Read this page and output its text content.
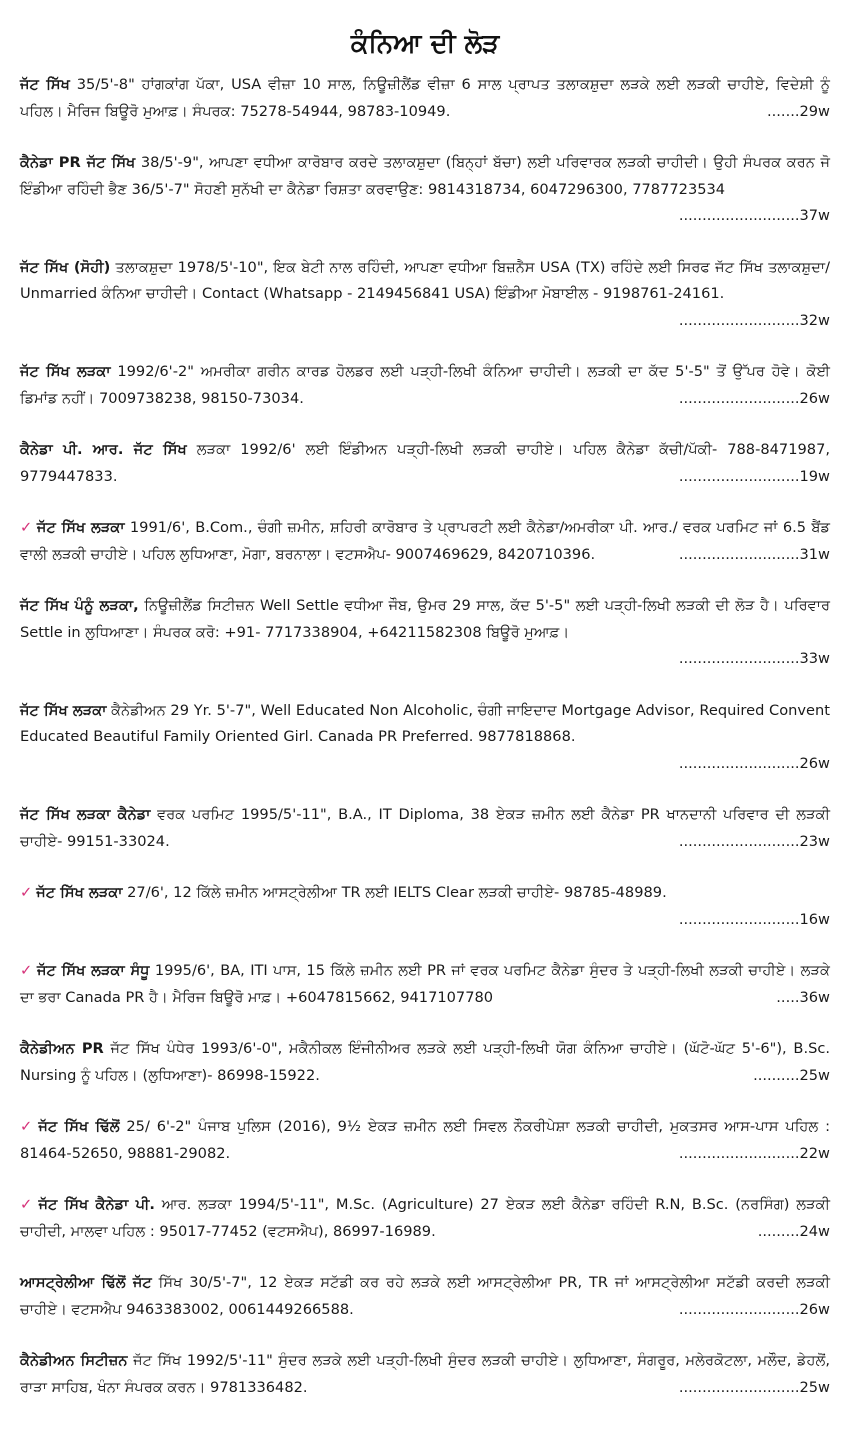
ਕੰਨਿਆ ਦੀ ਲੋੜ
ਜੱਟ ਸਿੱਖ 35/5'-8" ਹਾਂਗਕਾਂਗ ਪੱਕਾ, USA ਵੀਜ਼ਾ 10 ਸਾਲ, ਨਿਊਜ਼ੀਲੈਂਡ ਵੀਜ਼ਾ 6 ਸਾਲ ਪ੍ਰਾਪਤ ਤਲਾਕਸ਼ੁਦਾ ਲੜਕੇ ਲਈ ਲੜਕੀ ਚਾਹੀਏ, ਵਿਦੇਸ਼ੀ ਨੂੰ ਪਹਿਲ। ਮੈਰਿਜ ਬਿਊਰੋ ਮੁਆਫ਼। ਸੰਪਰਕ: 75278-54944, 98783-10949.	.......29w
ਕੈਨੇਡਾ PR ਜੱਟ ਸਿੱਖ 38/5'-9", ਆਪਣਾ ਵਧੀਆ ਕਾਰੋਬਾਰ ਕਰਦੇ ਤਲਾਕਸ਼ੁਦਾ (ਬਿਨ੍ਹਾਂ ਬੱਚਾ) ਲਈ ਪਰਿਵਾਰਕ ਲੜਕੀ ਚਾਹੀਦੀ। ਉਹੀ ਸੰਪਰਕ ਕਰਨ ਜੋ ਇੰਡੀਆ ਰਹਿੰਦੀ ਭੈਣ 36/5'-7" ਸੋਹਣੀ ਸੁਨੱਖੀ ਦਾ ਕੈਨੇਡਾ ਰਿਸ਼ਤਾ ਕਰਵਾਉਣ: 9814318734, 6047296300, 7787723534
..........................37w
ਜੱਟ ਸਿੱਖ (ਸੋਹੀ) ਤਲਾਕਸ਼ੁਦਾ 1978/5'-10", ਇਕ ਬੇਟੀ ਨਾਲ ਰਹਿੰਦੀ, ਆਪਣਾ ਵਧੀਆ ਬਿਜ਼ਨੈਸ USA (TX) ਰਹਿੰਦੇ ਲਈ ਸਿਰਫ ਜੱਟ ਸਿੱਖ ਤਲਾਕਸ਼ੁਦਾ/ Unmarried ਕੰਨਿਆ ਚਾਹੀਦੀ। Contact (Whatsapp - 2149456841 USA) ਇੰਡੀਆ ਮੋਬਾਈਲ - 9198761-24161.
..........................32w
ਜੱਟ ਸਿੱਖ ਲੜਕਾ 1992/6'-2" ਅਮਰੀਕਾ ਗਰੀਨ ਕਾਰਡ ਹੋਲਡਰ ਲਈ ਪੜ੍ਹੀ-ਲਿਖੀ ਕੰਨਿਆ ਚਾਹੀਦੀ। ਲੜਕੀ ਦਾ ਕੱਦ 5'-5" ਤੋਂ ਉੱਪਰ ਹੋਵੇ। ਕੋਈ ਡਿਮਾਂਡ ਨਹੀਂ। 7009738238, 98150-73034.	..........................26w
ਕੈਨੇਡਾ ਪੀ. ਆਰ. ਜੱਟ ਸਿੱਖ ਲੜਕਾ 1992/6' ਲਈ ਇੰਡੀਅਨ ਪੜ੍ਹੀ-ਲਿਖੀ ਲੜਕੀ ਚਾਹੀਏ। ਪਹਿਲ ਕੈਨੇਡਾ ਕੱਚੀ/ਪੱਕੀ- 788-8471987, 9779447833.	..........................19w
✓ ਜੱਟ ਸਿੱਖ ਲੜਕਾ 1991/6', B.Com., ਚੰਗੀ ਜ਼ਮੀਨ, ਸ਼ਹਿਰੀ ਕਾਰੋਬਾਰ ਤੇ ਪ੍ਰਾਪਰਟੀ ਲਈ ਕੈਨੇਡਾ/ਅਮਰੀਕਾ ਪੀ. ਆਰ./ ਵਰਕ ਪਰਮਿਟ ਜਾਂ 6.5 ਬੈਂਡ ਵਾਲੀ ਲੜਕੀ ਚਾਹੀਏ। ਪਹਿਲ ਲੁਧਿਆਣਾ, ਮੋਗਾ, ਬਰਨਾਲਾ। ਵਟਸਐਪ- 9007469629, 8420710396.	..........................31w
ਜੱਟ ਸਿੱਖ ਪੰਨੂੰ ਲੜਕਾ, ਨਿਊਜ਼ੀਲੈਂਡ ਸਿਟੀਜ਼ਨ Well Settle ਵਧੀਆ ਜੌਬ, ਉਮਰ 29 ਸਾਲ, ਕੱਦ 5'-5" ਲਈ ਪੜ੍ਹੀ-ਲਿਖੀ ਲੜਕੀ ਦੀ ਲੋੜ ਹੈ। ਪਰਿਵਾਰ Settle in ਲੁਧਿਆਣਾ। ਸੰਪਰਕ ਕਰੋ: +91- 7717338904, +64211582308 ਬਿਊਰੋ ਮੁਆਫ਼।
..........................33w
ਜੱਟ ਸਿੱਖ ਲੜਕਾ ਕੈਨੇਡੀਅਨ 29 Yr. 5'-7", Well Educated Non Alcoholic, ਚੰਗੀ ਜਾਇਦਾਦ Mortgage Advisor, Required Convent Educated Beautiful Family Oriented Girl. Canada PR Preferred. 9877818868.
..........................26w
ਜੱਟ ਸਿੱਖ ਲੜਕਾ ਕੈਨੇਡਾ ਵਰਕ ਪਰਮਿਟ 1995/5'-11", B.A., IT Diploma, 38 ਏਕੜ ਜ਼ਮੀਨ ਲਈ ਕੈਨੇਡਾ PR ਖਾਨਦਾਨੀ ਪਰਿਵਾਰ ਦੀ ਲੜਕੀ ਚਾਹੀਏ- 99151-33024.	..........................23w
✓ ਜੱਟ ਸਿੱਖ ਲੜਕਾ 27/6', 12 ਕਿੱਲੇ ਜ਼ਮੀਨ ਆਸਟ੍ਰੇਲੀਆ TR ਲਈ IELTS Clear ਲੜਕੀ ਚਾਹੀਏ- 98785-48989.
..........................16w
✓ ਜੱਟ ਸਿੱਖ ਲੜਕਾ ਸੰਧੂ 1995/6', BA, ITI ਪਾਸ, 15 ਕਿੱਲੇ ਜ਼ਮੀਨ ਲਈ PR ਜਾਂ ਵਰਕ ਪਰਮਿਟ ਕੈਨੇਡਾ ਸੁੰਦਰ ਤੇ ਪੜ੍ਹੀ-ਲਿਖੀ ਲੜਕੀ ਚਾਹੀਏ। ਲੜਕੇ ਦਾ ਭਰਾ Canada PR ਹੈ। ਮੈਰਿਜ ਬਿਊਰੋ ਮਾਫ਼। +6047815662, 9417107780	.....36w
ਕੈਨੇਡੀਅਨ PR ਜੱਟ ਸਿੱਖ ਪੰਧੇਰ 1993/6'-0", ਮਕੈਨੀਕਲ ਇੰਜੀਨੀਅਰ ਲੜਕੇ ਲਈ ਪੜ੍ਹੀ-ਲਿਖੀ ਯੋਗ ਕੰਨਿਆ ਚਾਹੀਏ। (ਘੱਟੋ-ਘੱਟ 5'-6"), B.Sc. Nursing ਨੂੰ ਪਹਿਲ। (ਲੁਧਿਆਣਾ)- 86998-15922.	..........25w
✓ ਜੱਟ ਸਿੱਖ ਢਿੱਲੋਂ 25/ 6'-2" ਪੰਜਾਬ ਪੁਲਿਸ (2016), 9½ ਏਕੜ ਜ਼ਮੀਨ ਲਈ ਸਿਵਲ ਨੌਕਰੀਪੇਸ਼ਾ ਲੜਕੀ ਚਾਹੀਦੀ, ਮੁਕਤਸਰ ਆਸ-ਪਾਸ ਪਹਿਲ : 81464-52650, 98881-29082.	..........................22w
✓ ਜੱਟ ਸਿੱਖ ਕੈਨੇਡਾ ਪੀ. ਆਰ. ਲੜਕਾ 1994/5'-11", M.Sc. (Agriculture) 27 ਏਕੜ ਲਈ ਕੈਨੇਡਾ ਰਹਿੰਦੀ R.N, B.Sc. (ਨਰਸਿੰਗ) ਲੜਕੀ ਚਾਹੀਦੀ, ਮਾਲਵਾ ਪਹਿਲ : 95017-77452 (ਵਟਸਐਪ), 86997-16989.	.........24w
ਆਸਟ੍ਰੇਲੀਆ ਢਿੱਲੋਂ ਜੱਟ ਸਿੱਖ 30/5'-7", 12 ਏਕੜ ਸਟੱਡੀ ਕਰ ਰਹੇ ਲੜਕੇ ਲਈ ਆਸਟ੍ਰੇਲੀਆ PR, TR ਜਾਂ ਆਸਟ੍ਰੇਲੀਆ ਸਟੱਡੀ ਕਰਦੀ ਲੜਕੀ ਚਾਹੀਏ। ਵਟਸਐਪ 9463383002, 0061449266588.	..........................26w
ਕੈਨੇਡੀਅਨ ਸਿਟੀਜ਼ਨ ਜੱਟ ਸਿੱਖ 1992/5'-11" ਸੁੰਦਰ ਲੜਕੇ ਲਈ ਪੜ੍ਹੀ-ਲਿਖੀ ਸੁੰਦਰ ਲੜਕੀ ਚਾਹੀਏ। ਲੁਧਿਆਣਾ, ਸੰਗਰੂਰ, ਮਲੇਰਕੋਟਲਾ, ਮਲੌਦ, ਡੇਹਲੋਂ, ਰਾੜਾ ਸਾਹਿਬ, ਖੰਨਾ ਸੰਪਰਕ ਕਰਨ। 9781336482.	..........................25w
